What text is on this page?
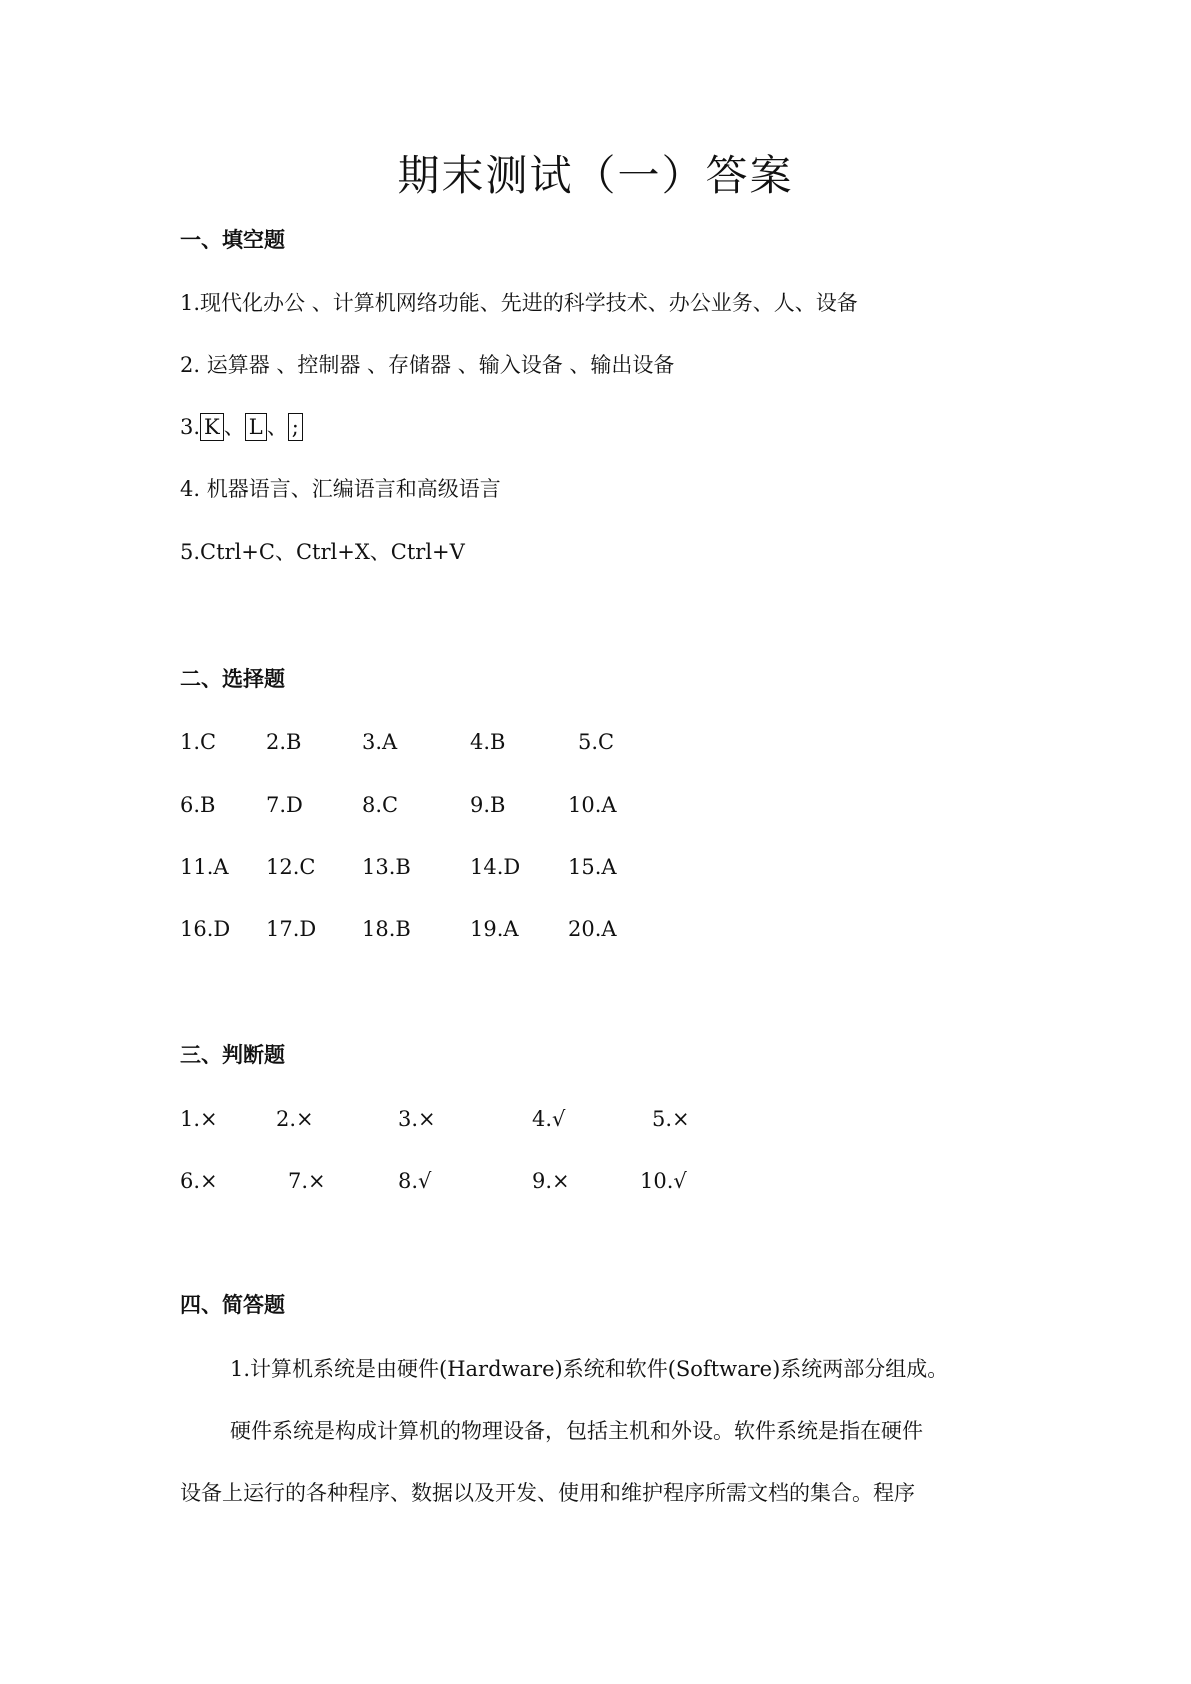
期末测试（一）答案
一、填空题
1.现代化办公 、计算机网络功能、先进的科学技术、办公业务、人、设备
2. 运算器 、控制器 、存储器 、输入设备 、输出设备
3. K 、 L 、 ;
4. 机器语言、汇编语言和高级语言
5.Ctrl+C、Ctrl+X、Ctrl+V
二、选择题
1.C 2.B	3.A	4.B	5.C
6.B 7.D	8.C	9.B	10.A
11.A 12.C 13.B	14.D 15.A
16.D 17.D 18.B	19.A 20.A
三、判断题
1.×	2.×	3.×	4.√	5.×
6.×	7.×	8.√	9.×	10.√
四、简答题
1.计算机系统是由硬件(Hardware)系统和软件(Software)系统两部分组成。
硬件系统是构成计算机的物理设备，包括主机和外设。软件系统是指在硬件
设备上运行的各种程序、数据以及开发、使用和维护程序所需文档的集合。程序
